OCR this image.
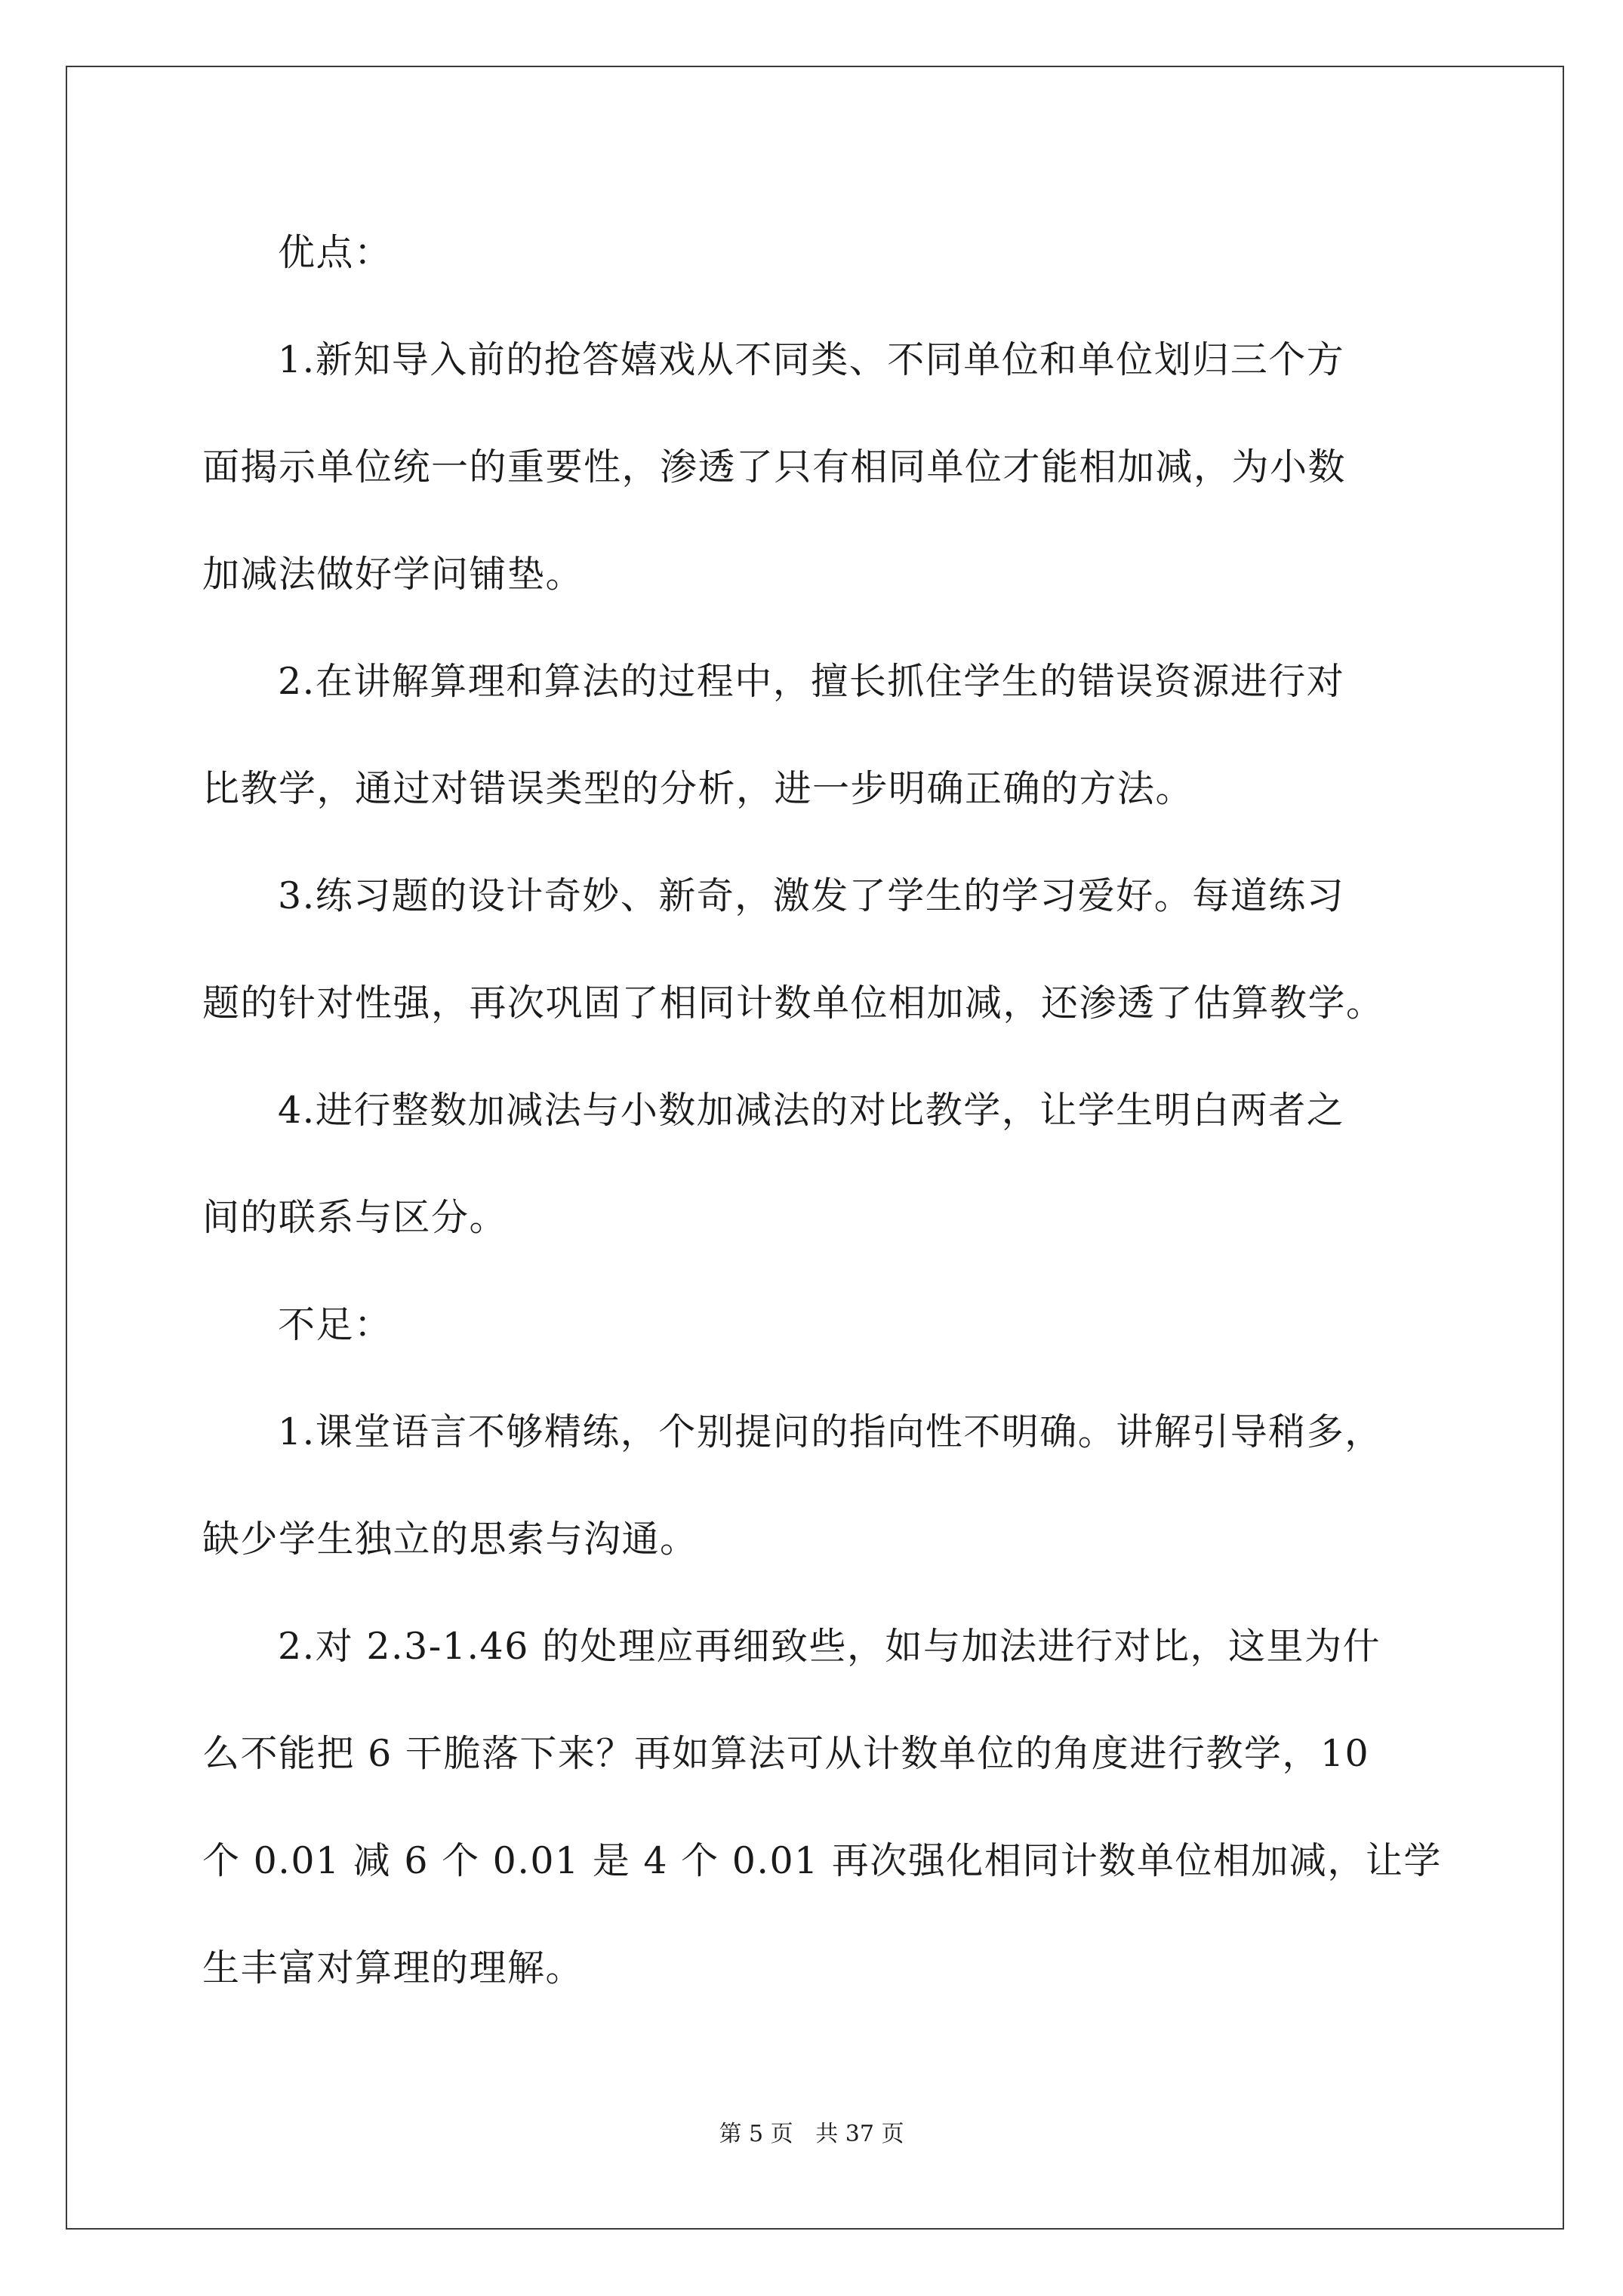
优点：
1.新知导入前的抢答嬉戏从不同类、不同单位和单位划归三个方
面揭示单位统一的重要性，渗透了只有相同单位才能相加减，为小数
加减法做好学问铺垫。
2.在讲解算理和算法的过程中，擅长抓住学生的错误资源进行对
比教学，通过对错误类型的分析，进一步明确正确的方法。
3.练习题的设计奇妙、新奇，激发了学生的学习爱好。每道练习
题的针对性强，再次巩固了相同计数单位相加减，还渗透了估算教学。
4.进行整数加减法与小数加减法的对比教学，让学生明白两者之
间的联系与区分。
不足：
1.课堂语言不够精练，个别提问的指向性不明确。讲解引导稍多，
缺少学生独立的思索与沟通。
2.对 2.3-1.46 的处理应再细致些，如与加法进行对比，这里为什
么不能把 6 干脆落下来？再如算法可从计数单位的角度进行教学，10
个 0.01 减 6 个 0.01 是 4 个 0.01 再次强化相同计数单位相加减，让学
生丰富对算理的理解。
第 5 页 共 37 页
